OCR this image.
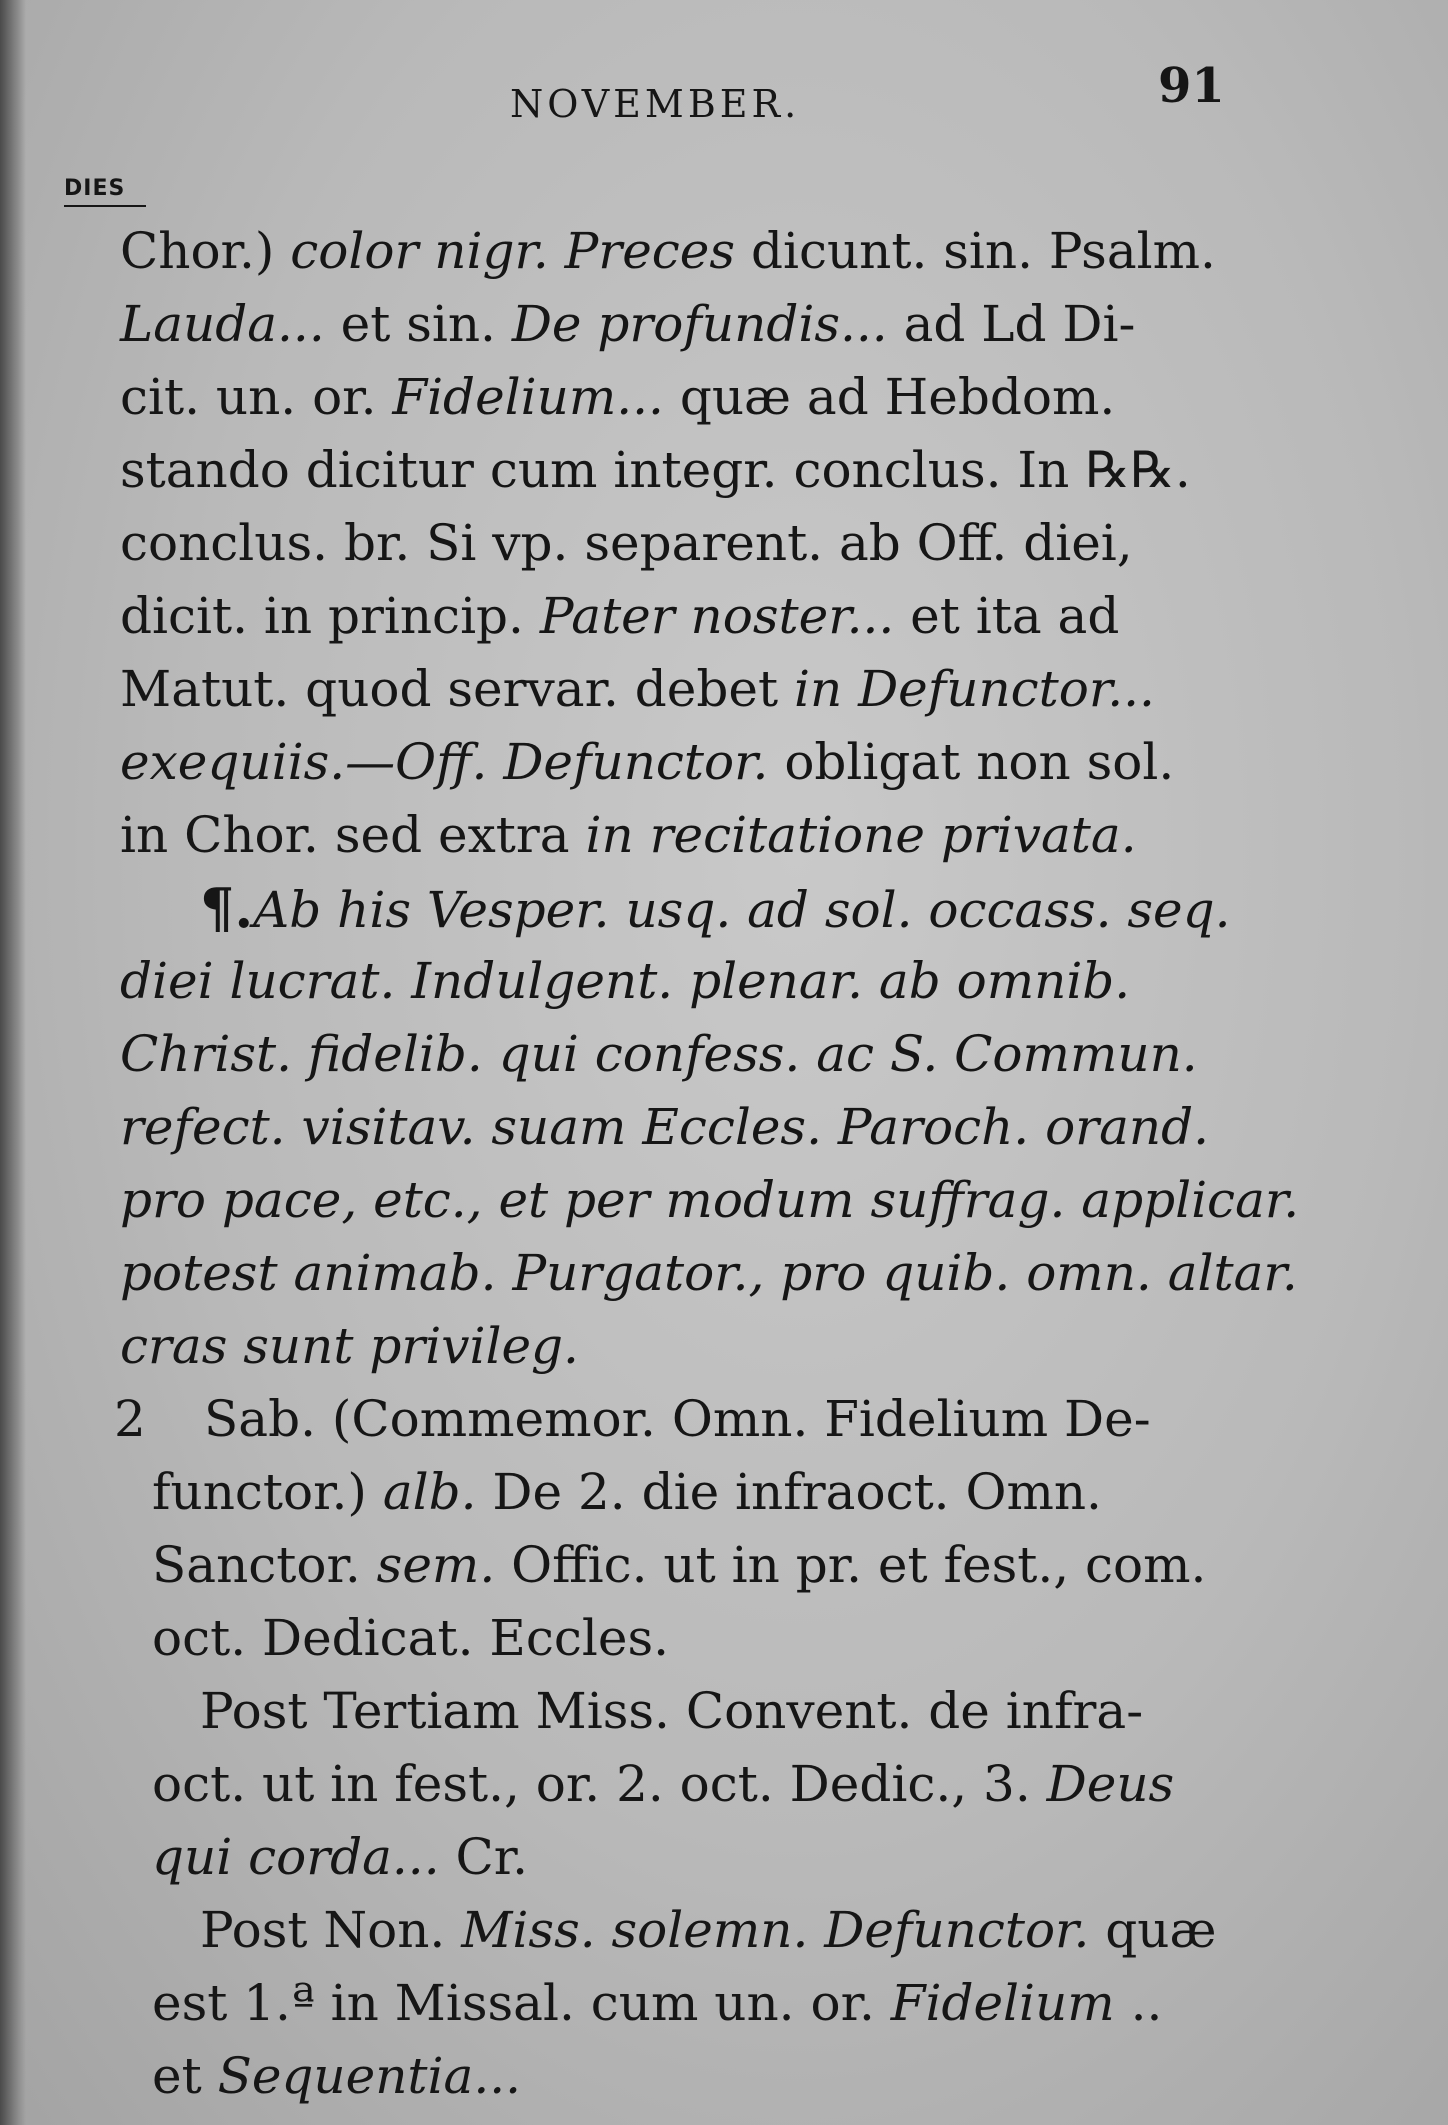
NOVEMBER.	91
DIES
Chor.) color nigr. Preces dicunt. sin. Psalm.
Lauda... et sin. De profundis... ad Ld Di-
cit. un. or. Fidelium... quæ ad Hebdom.
stando dicitur cum integr. conclus. In ℞℞.
conclus. br. Si vp. separent. ab Off. diei,
dicit. in princip. Pater noster... et ita ad
Matut. quod servar. debet in Defunctor...
exequiis.—Off. Defunctor. obligat non sol.
in Chor. sed extra in recitatione privata.
¶.Ab his Vesper. usq. ad sol. occass. seq.
diei lucrat. Indulgent. plenar. ab omnib.
Christ. fidelib. qui confess. ac S. Commun.
refect. visitav. suam Eccles. Paroch. orand.
pro pace, etc., et per modum suffrag. applicar.
potest animab. Purgator., pro quib. omn. altar.
cras sunt privileg.
2 Sab. (Commemor. Omn. Fidelium De-
functor.) alb. De 2. die infraoct. Omn.
Sanctor. sem. Offic. ut in pr. et fest., com.
oct. Dedicat. Eccles.
Post Tertiam Miss. Convent. de infra-
oct. ut in fest., or. 2. oct. Dedic., 3. Deus
qui corda... Cr.
Post Non. Miss. solemn. Defunctor. quæ
est 1.ª in Missal. cum un. or. Fidelium ..
et Sequentia...
